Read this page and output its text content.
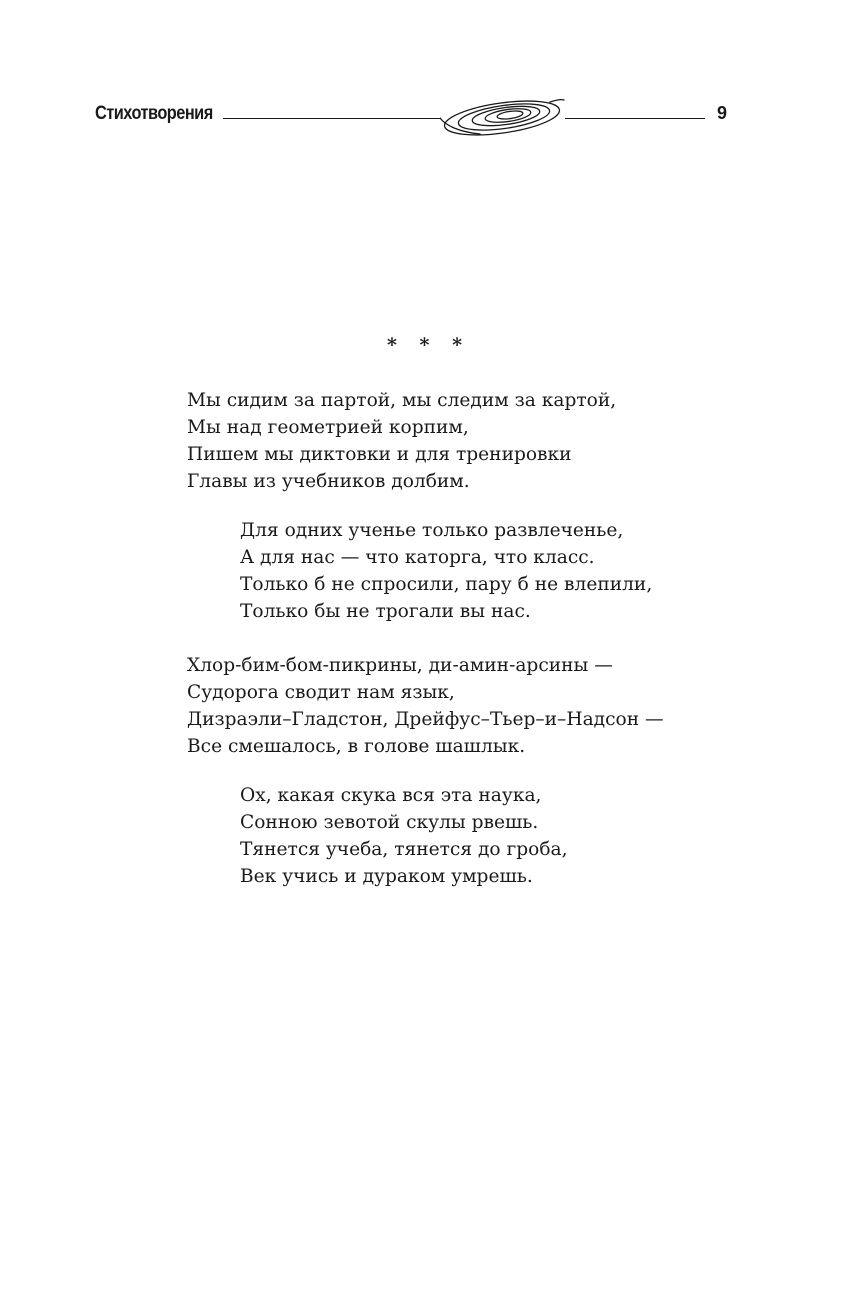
Стихотворения	9
* * *
Мы сидим за партой, мы следим за картой,
Мы над геометрией корпим,
Пишем мы диктовки и для тренировки
Главы из учебников долбим.
Для одних ученье только развлеченье,
А для нас — что каторга, что класс.
Только б не спросили, пару б не влепили,
Только бы не трогали вы нас.
Хлор-бим-бом-пикрины, ди-амин-арсины —
Судорога сводит нам язык,
Дизраэли–Гладстон, Дрейфус–Тьер–и–Надсон —
Все смешалось, в голове шашлык.
Ох, какая скука вся эта наука,
Сонною зевотой скулы рвешь.
Тянется учеба, тянется до гроба,
Век учись и дураком умрешь.
